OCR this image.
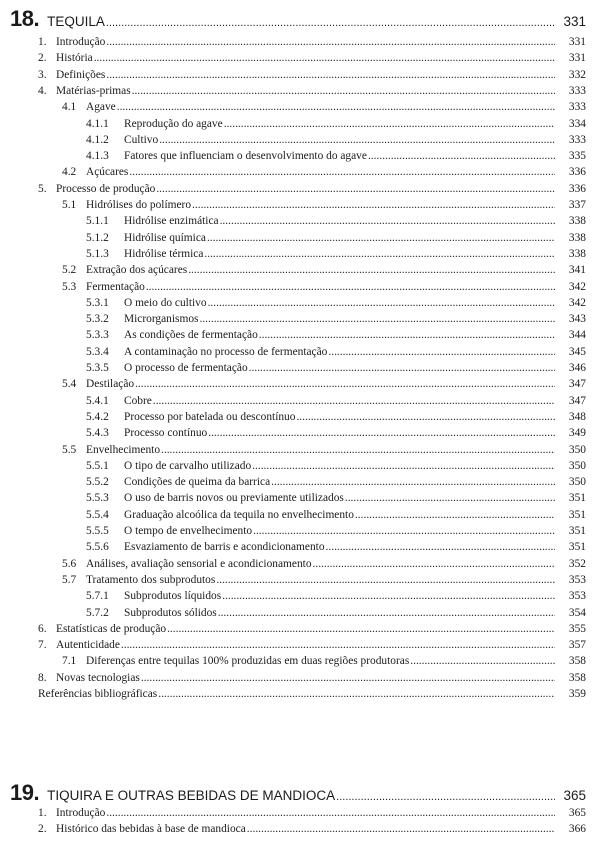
18. TEQUILA .....	331
1. Introdução .....	331
2. História .....	331
3. Definições .....	332
4. Matérias-primas .....	333
4.1 Agave .....	333
4.1.1	Reprodução do agave .....	334
4.1.2	Cultivo .....	333
4.1.3	Fatores que influenciam o desenvolvimento do agave .....	335
4.2 Açúcares .....	336
5. Processo de produção .....	336
5.1 Hidrólises do polímero .....	337
5.1.1	Hidrólise enzimática .....	338
5.1.2	Hidrólise química .....	338
5.1.3	Hidrólise térmica .....	338
5.2 Extração dos açúcares .....	341
5.3 Fermentação .....	342
5.3.1	O meio do cultivo .....	342
5.3.2	Microrganismos .....	343
5.3.3	As condições de fermentação .....	344
5.3.4	A contaminação no processo de fermentação .....	345
5.3.5	O processo de fermentação .....	346
5.4 Destilação .....	347
5.4.1	Cobre .....	347
5.4.2	Processo por batelada ou descontínuo .....	348
5.4.3	Processo contínuo .....	349
5.5 Envelhecimento .....	350
5.5.1	O tipo de carvalho utilizado .....	350
5.5.2	Condições de queima da barrica .....	350
5.5.3	O uso de barris novos ou previamente utilizados .....	351
5.5.4	Graduação alcoólica da tequila no envelhecimento .....	351
5.5.5	O tempo de envelhecimento .....	351
5.5.6	Esvaziamento de barris e acondicionamento .....	351
5.6 Análises, avaliação sensorial e acondicionamento .....	352
5.7 Tratamento dos subprodutos .....	353
5.7.1	Subprodutos líquidos .....	353
5.7.2	Subprodutos sólidos .....	354
6. Estatísticas de produção .....	355
7. Autenticidade .....	357
7.1 Diferenças entre tequilas 100% produzidas em duas regiões produtoras .....	358
8. Novas tecnologias .....	358
Referências bibliográficas .....	359
19. TIQUIRA E OUTRAS BEBIDAS DE MANDIOCA .....	365
1. Introdução .....	365
2. Histórico das bebidas à base de mandioca .....	366
